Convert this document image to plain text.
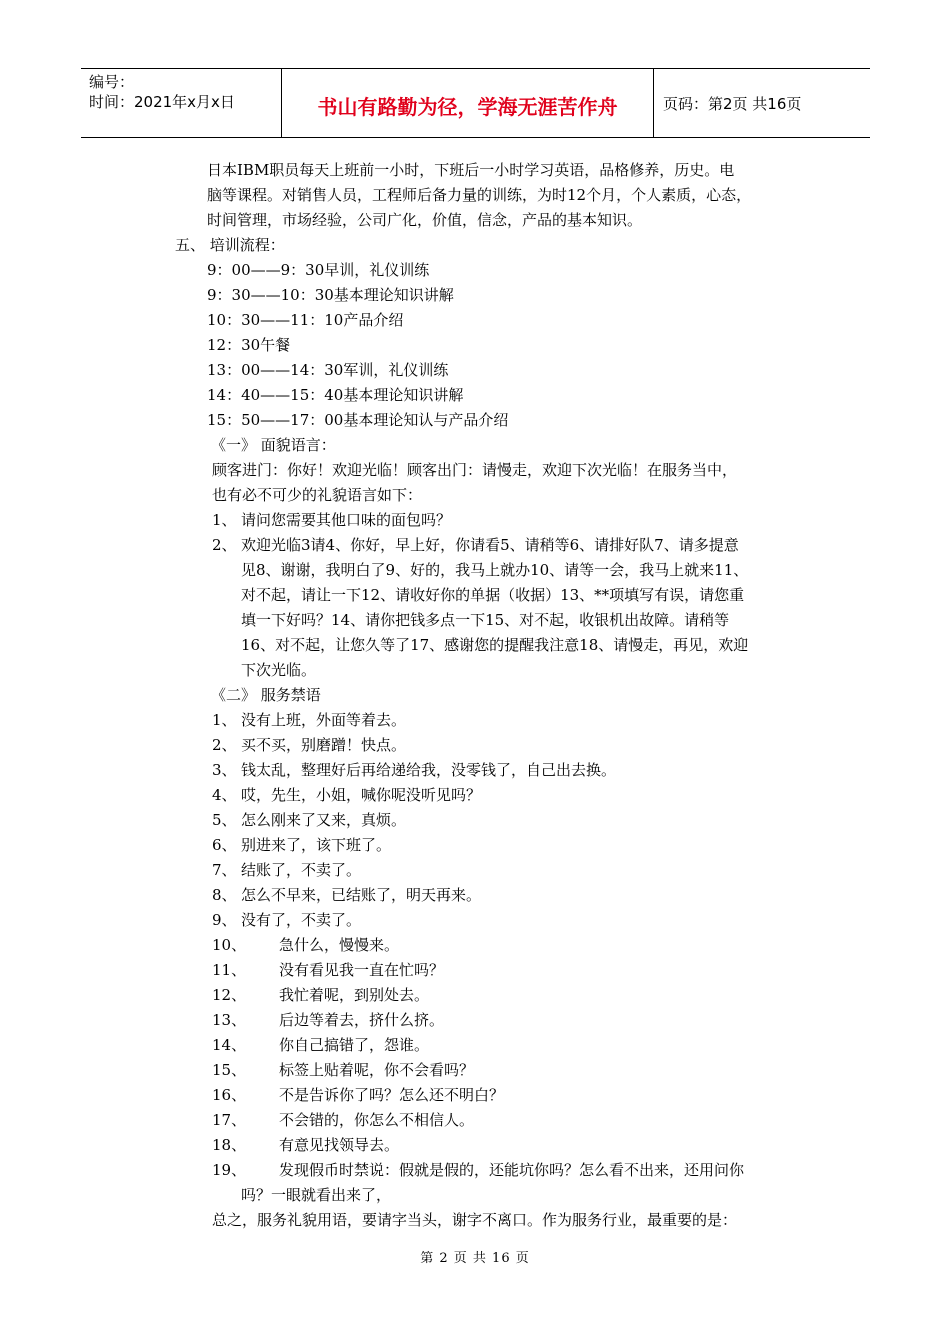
编号：
时间：2021年x月x日	书山有路勤为径，学海无涯苦作舟	页码：第2页 共16页
日本IBM职员每天上班前一小时，下班后一小时学习英语，品格修养，历史。电
脑等课程。对销售人员，工程师后备力量的训练，为时12个月，个人素质，心态，
时间管理，市场经验，公司广化，价值，信念，产品的基本知识。
五、 培训流程：
9：00——9：30早训，礼仪训练
9：30——10：30基本理论知识讲解
10：30——11：10产品介绍
12：30午餐
13：00——14：30军训，礼仪训练
14：40——15：40基本理论知识讲解
15：50——17：00基本理论知认与产品介绍
《一》 面貌语言：
顾客进门：你好！欢迎光临！顾客出门：请慢走，欢迎下次光临！在服务当中，
也有必不可少的礼貌语言如下：
1、 请问您需要其他口味的面包吗？
2、 欢迎光临3请4、你好，早上好，你请看5、请稍等6、请排好队7、请多提意
见8、谢谢，我明白了9、好的，我马上就办10、请等一会，我马上就来11、
对不起，请让一下12、请收好你的单据（收据）13、**项填写有误，请您重
填一下好吗？14、请你把钱多点一下15、对不起，收银机出故障。请稍等
16、对不起，让您久等了17、感谢您的提醒我注意18、请慢走，再见，欢迎
下次光临。
《二》 服务禁语
1、 没有上班，外面等着去。
2、 买不买，别磨蹭！快点。
3、 钱太乱，整理好后再给递给我，没零钱了，自己出去换。
4、 哎，先生，小姐，喊你呢没听见吗？
5、 怎么刚来了又来，真烦。
6、 别进来了，该下班了。
7、 结账了，不卖了。
8、 怎么不早来，已结账了，明天再来。
9、 没有了，不卖了。
10、 急什么，慢慢来。
11、 没有看见我一直在忙吗？
12、 我忙着呢，到别处去。
13、 后边等着去，挤什么挤。
14、 你自己搞错了，怨谁。
15、 标签上贴着呢，你不会看吗？
16、 不是告诉你了吗？怎么还不明白？
17、 不会错的，你怎么不相信人。
18、 有意见找领导去。
19、 发现假币时禁说：假就是假的，还能坑你吗？怎么看不出来，还用问你
吗？一眼就看出来了，
总之，服务礼貌用语，要请字当头，谢字不离口。作为服务行业，最重要的是：
第 2 页 共 16 页
